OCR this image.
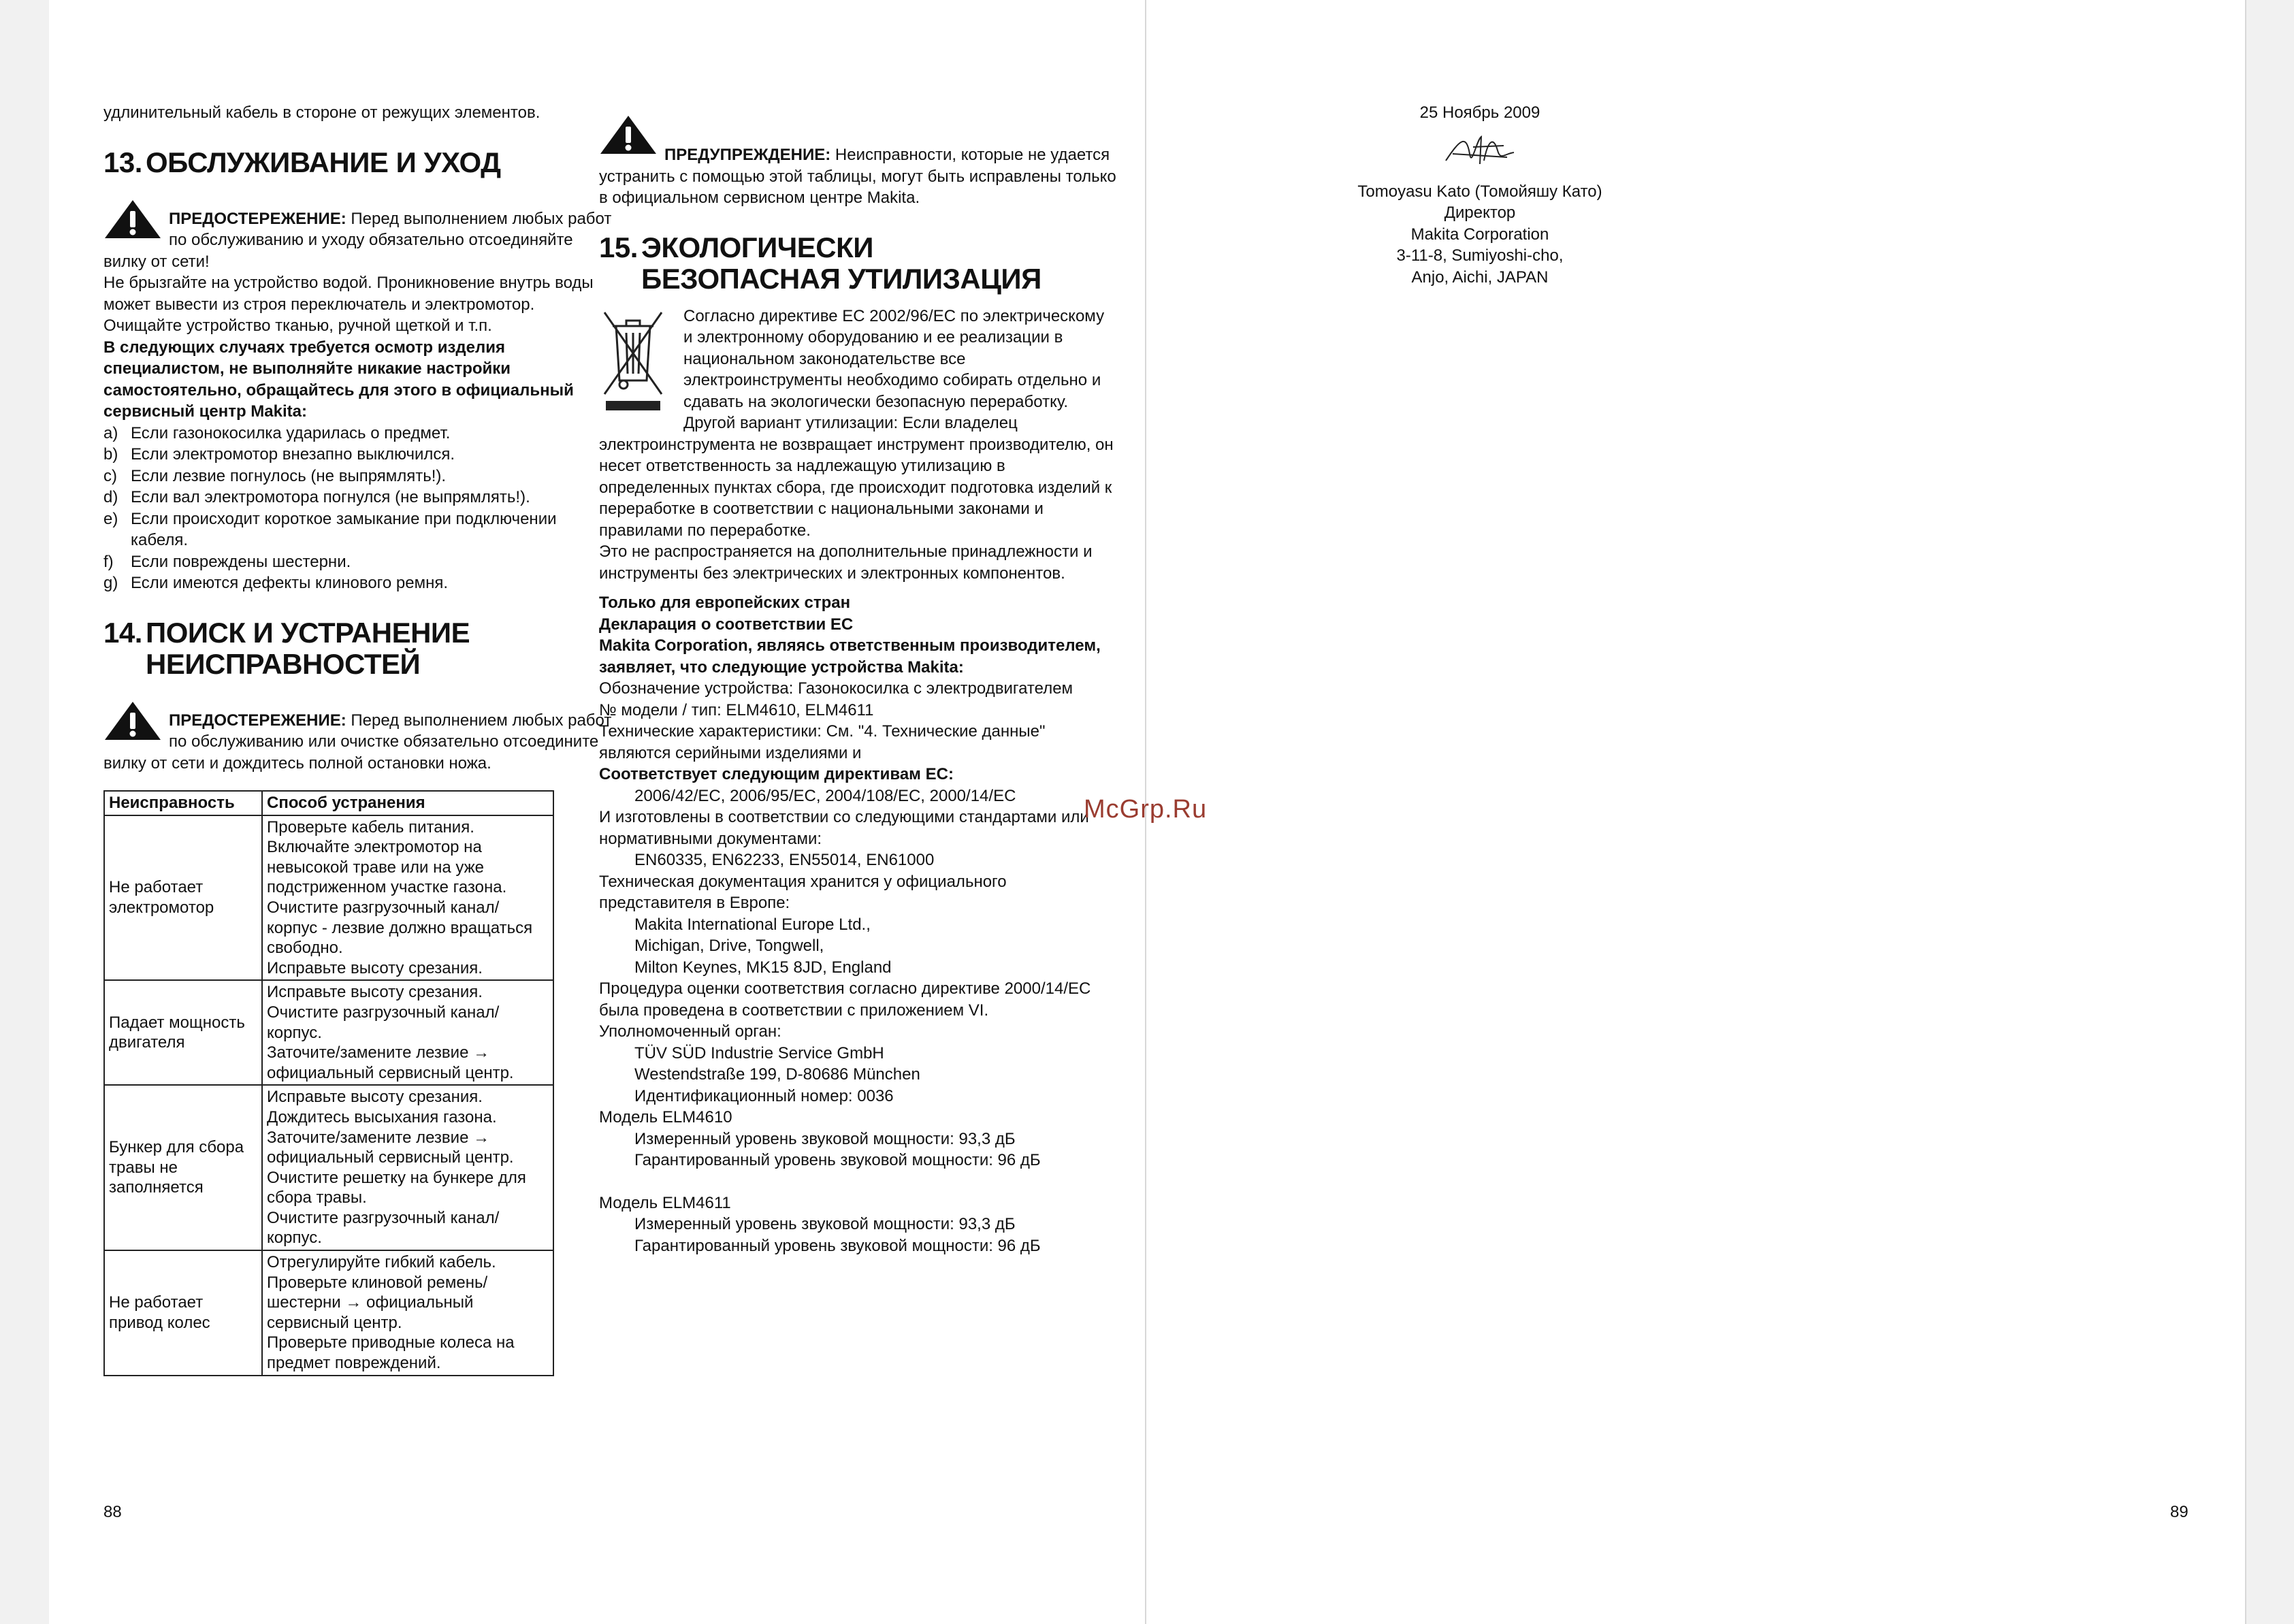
удлинительный кабель в стороне от режущих элементов.

13. ОБСЛУЖИВАНИЕ И УХОД

ПРЕДОСТЕРЕЖЕНИЕ: Перед выполнением любых работ по обслуживанию и уходу обязательно отсоединяйте вилку от сети!

Не брызгайте на устройство водой. Проникновение внутрь воды может вывести из строя переключатель и электромотор. Очищайте устройство тканью, ручной щеткой и т.п.

В следующих случаях требуется осмотр изделия специалистом, не выполняйте никакие настройки самостоятельно, обращайтесь для этого в официальный сервисный центр Makita:

a) Если газонокосилка ударилась о предмет.
b) Если электромотор внезапно выключился.
c) Если лезвие погнулось (не выпрямлять!).
d) Если вал электромотора погнулся (не выпрямлять!).
e) Если происходит короткое замыкание при подключении кабеля.
f) Если повреждены шестерни.
g) Если имеются дефекты клинового ремня.
14. ПОИСК И УСТРАНЕНИЕ
НЕИСПРАВНОСТЕЙ

ПРЕДОСТЕРЕЖЕНИЕ: Перед выполнением любых работ по обслуживанию или очистке обязательно отсоедините вилку от сети и дождитесь полной остановки ножа.

Неисправность	Способ устранения
Не работает электромотор	Проверьте кабель питания.
Включайте электромотор на невысокой траве или на уже подстриженном участке газона.
Очистите разгрузочный канал/ корпус - лезвие должно вращаться свободно.
Исправьте высоту срезания.

Падает мощность двигателя	Исправьте высоту срезания.
Очистите разгрузочный канал/ корпус.
Заточите/замените лезвие → официальный сервисный центр.

Бункер для сбора травы не заполняется	Исправьте высоту срезания.
Дождитесь высыхания газона.
Заточите/замените лезвие → официальный сервисный центр.
Очистите решетку на бункере для сбора травы.
Очистите разгрузочный канал/ корпус.

Не работает привод колес	Отрегулируйте гибкий кабель.
Проверьте клиновой ремень/ шестерни → официальный сервисный центр.
Проверьте приводные колеса на предмет повреждений.

ПРЕДУПРЕЖДЕНИЕ: Неисправности, которые не удается устранить с помощью этой таблицы, могут быть исправлены только в официальном сервисном центре Makita.

15. ЭКОЛОГИЧЕСКИ
БЕЗОПАСНАЯ УТИЛИЗАЦИЯ

Согласно директиве ЕС 2002/96/ЕС по электрическому и электронному оборудованию и ее реализации в национальном законодательстве все электроинструменты необходимо собирать отдельно и сдавать на экологически безопасную переработку.

Другой вариант утилизации: Если владелец электроинструмента не возвращает инструмент производителю, он несет ответственность за надлежащую утилизацию в определенных пунктах сбора, где происходит подготовка изделий к переработке в соответствии с национальными законами и правилами по переработке.

Это не распространяется на дополнительные принадлежности и инструменты без электрических и электронных компонентов.

Только для европейских стран

Декларация о соответствии ЕС

Makita Corporation, являясь ответственным производителем, заявляет, что следующие устройства Makita:

Обозначение устройства: Газонокосилка с электродвигателем

№ модели / тип: ELM4610, ELM4611

Технические характеристики: См. "4. Технические данные"

являются серийными изделиями и

Соответствует следующим директивам ЕС:

2006/42/EC, 2006/95/EC, 2004/108/EC, 2000/14/EC

И изготовлены в соответствии со следующими стандартами или нормативными документами:

EN60335, EN62233, EN55014, EN61000

Техническая документация хранится у официального представителя в Европе:

Makita International Europe Ltd.,

Michigan, Drive, Tongwell,

Milton Keynes, MK15 8JD, England

Процедура оценки соответствия согласно директиве 2000/14/ЕС была проведена в соответствии с приложением VI.

Уполномоченный орган:

TÜV SÜD Industrie Service GmbH

Westendstraße 199, D-80686 München

Идентификационный номер: 0036

Модель ELM4610

Измеренный уровень звуковой мощности: 93,3 дБ

Гарантированный уровень звуковой мощности: 96 дБ

Модель ELM4611

Измеренный уровень звуковой мощности: 93,3 дБ

Гарантированный уровень звуковой мощности: 96 дБ

88

25 Ноябрь 2009

Tomoyasu Kato (Томойяшу Като)

Директор

Makita Corporation

3-11-8, Sumiyoshi-cho,

Anjo, Aichi, JAPAN

89
McGrp.Ru
